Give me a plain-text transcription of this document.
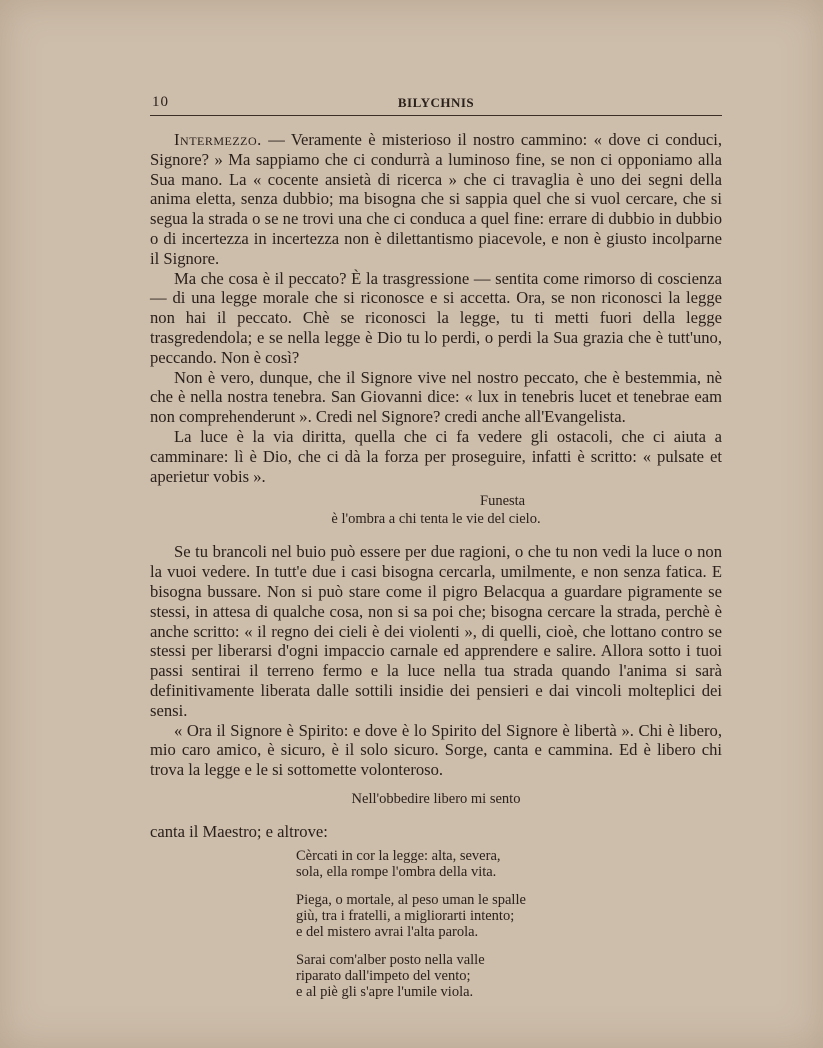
10	BILYCHNIS

Intermezzo. — Veramente è misterioso il nostro cammino: « dove ci conduci, Signore? » Ma sappiamo che ci condurrà a luminoso fine, se non ci opponiamo alla Sua mano. La « cocente ansietà di ricerca » che ci travaglia è uno dei segni della anima eletta, senza dubbio; ma bisogna che si sappia quel che si vuol cercare, che si segua la strada o se ne trovi una che ci conduca a quel fine: errare di dubbio in dubbio o di incertezza in incertezza non è dilettantismo piacevole, e non è giusto incolparne il Signore.

Ma che cosa è il peccato? È la trasgressione — sentita come rimorso di coscienza — di una legge morale che si riconosce e si accetta. Ora, se non riconosci la legge non hai il peccato. Chè se riconosci la legge, tu ti metti fuori della legge trasgredendola; e se nella legge è Dio tu lo perdi, o perdi la Sua grazia che è tutt'uno, peccando. Non è così?

Non è vero, dunque, che il Signore vive nel nostro peccato, che è bestemmia, nè che è nella nostra tenebra. San Giovanni dice: « lux in tenebris lucet et tenebrae eam non comprehenderunt ». Credi nel Signore? credi anche all'Evangelista.

La luce è la via diritta, quella che ci fa vedere gli ostacoli, che ci aiuta a camminare: lì è Dio, che ci dà la forza per proseguire, infatti è scritto: « pulsate et aperietur vobis ».

Funesta
è l'ombra a chi tenta le vie del cielo.

Se tu brancoli nel buio può essere per due ragioni, o che tu non vedi la luce o non la vuoi vedere. In tutt'e due i casi bisogna cercarla, umilmente, e non senza fatica. E bisogna bussare. Non si può stare come il pigro Belacqua a guardare pigramente se stessi, in attesa di qualche cosa, non si sa poi che; bisogna cercare la strada, perchè è anche scritto: « il regno dei cieli è dei violenti », di quelli, cioè, che lottano contro se stessi per liberarsi d'ogni impaccio carnale ed apprendere e salire. Allora sotto i tuoi passi sentirai il terreno fermo e la luce nella tua strada quando l'anima si sarà definitivamente liberata dalle sottili insidie dei pensieri e dai vincoli molteplici dei sensi.

« Ora il Signore è Spirito: e dove è lo Spirito del Signore è libertà ». Chi è libero, mio caro amico, è sicuro, è il solo sicuro. Sorge, canta e cammina. Ed è libero chi trova la legge e le si sottomette volonteroso.

Nell'obbedire libero mi sento

canta il Maestro; e altrove:

Cèrcati in cor la legge: alta, severa,
sola, ella rompe l'ombra della vita.
Piega, o mortale, al peso uman le spalle
giù, tra i fratelli, a migliorarti intento;
e del mistero avrai l'alta parola.
Sarai com'alber posto nella valle
riparato dall'impeto del vento;
e al piè gli s'apre l'umile viola.
